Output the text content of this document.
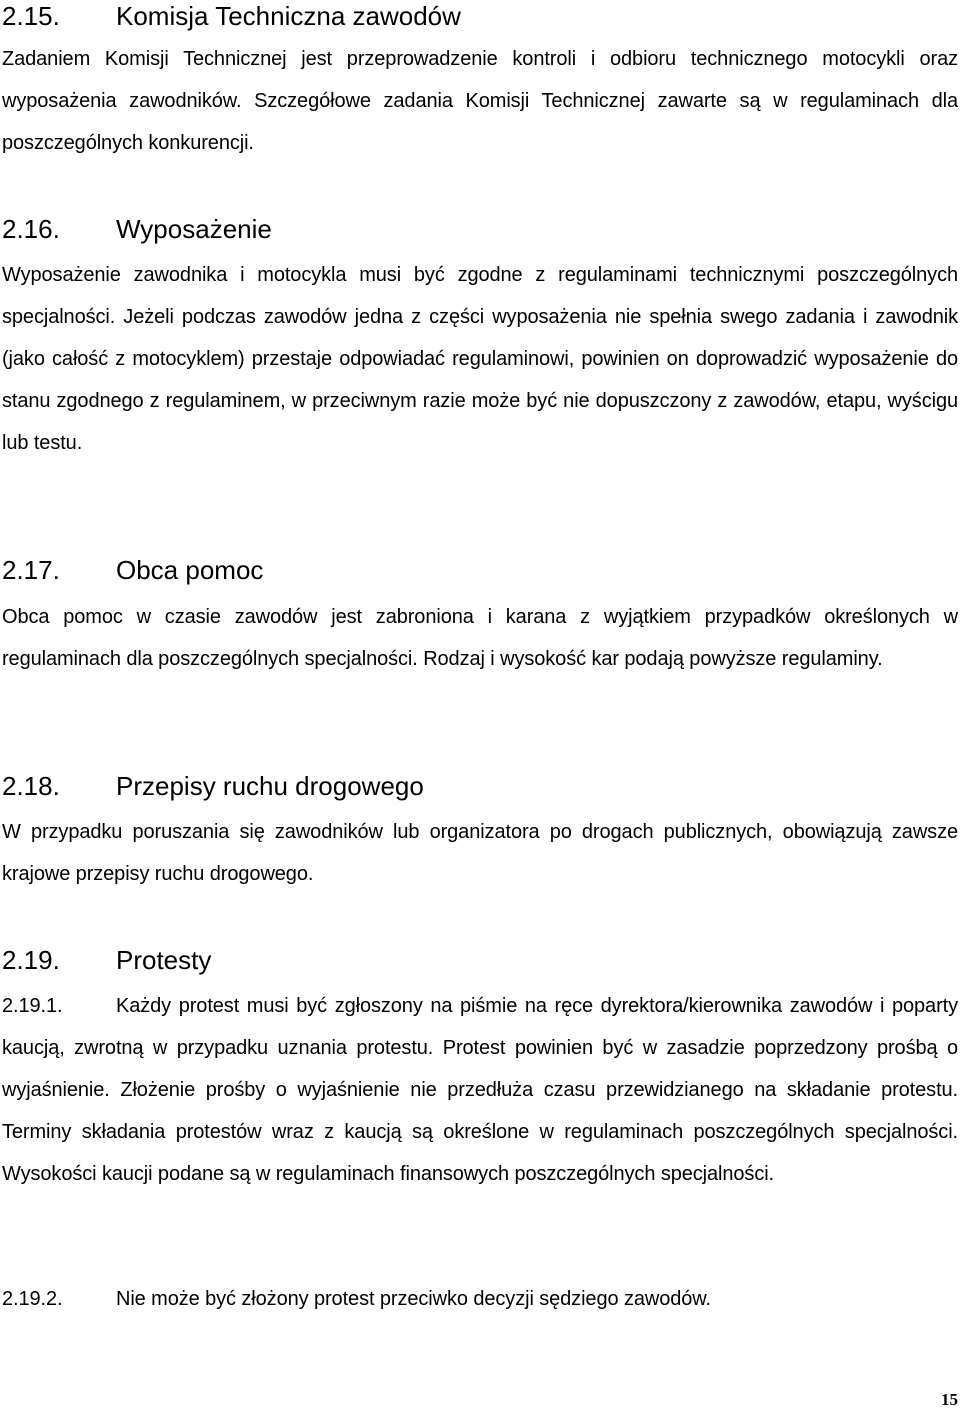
2.15. Komisja Techniczna zawodów
Zadaniem Komisji Technicznej jest przeprowadzenie kontroli i odbioru technicznego motocykli oraz wyposażenia zawodników. Szczegółowe zadania Komisji Technicznej zawarte są w regulaminach dla poszczególnych konkurencji.
2.16. Wyposażenie
Wyposażenie zawodnika i motocykla musi być zgodne z regulaminami technicznymi poszczególnych specjalności. Jeżeli podczas zawodów jedna z części wyposażenia nie spełnia swego zadania i zawodnik (jako całość z motocyklem) przestaje odpowiadać regulaminowi, powinien on doprowadzić wyposażenie do stanu zgodnego z regulaminem, w przeciwnym razie może być nie dopuszczony z zawodów, etapu, wyścigu lub testu.
2.17. Obca pomoc
Obca pomoc w czasie zawodów jest zabroniona i karana z wyjątkiem przypadków określonych w regulaminach dla poszczególnych specjalności. Rodzaj i wysokość kar podają powyższe regulaminy.
2.18. Przepisy ruchu drogowego
W przypadku poruszania się zawodników lub organizatora po drogach publicznych, obowiązują zawsze krajowe przepisy ruchu drogowego.
2.19. Protesty
2.19.1.	Każdy protest musi być zgłoszony na piśmie na ręce dyrektora/kierownika zawodów i poparty kaucją, zwrotną w przypadku uznania protestu. Protest powinien być w zasadzie poprzedzony prośbą o wyjaśnienie. Złożenie prośby o wyjaśnienie nie przedłuża czasu przewidzianego na składanie protestu. Terminy składania protestów wraz z kaucją są określone w regulaminach poszczególnych specjalności. Wysokości kaucji podane są w regulaminach finansowych poszczególnych specjalności.
2.19.2.	Nie może być złożony protest przeciwko decyzji sędziego zawodów.
15
